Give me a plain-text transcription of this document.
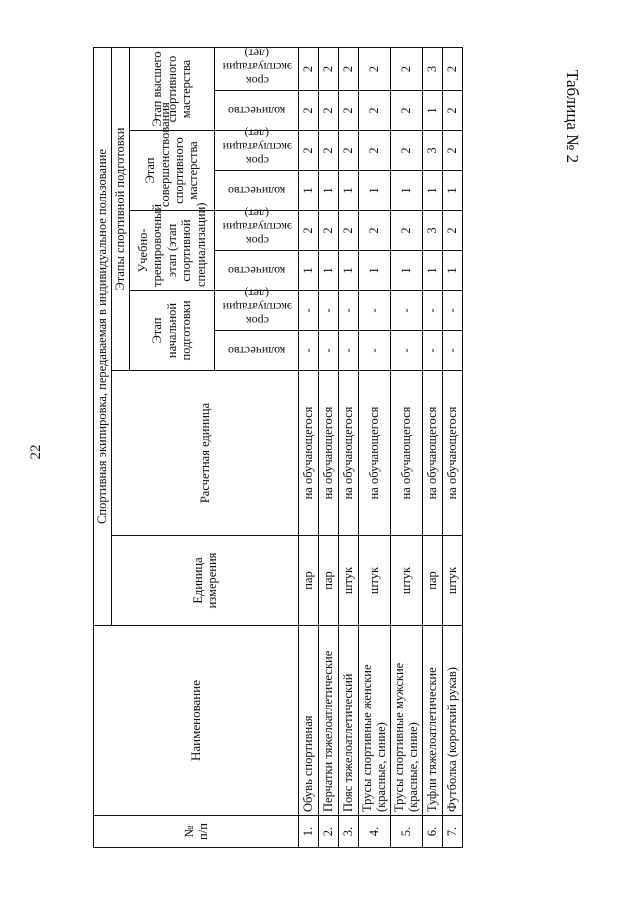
22
Таблица № 2
№ п/п	Наименование	Спортивная экипировка, передаваемая в индивидуальное пользование									
		Единица измерения	Расчетная единица	Этапы спортивной подготовки							
				Этап начальной подготовки		Учебно-тренировочный этап (этап спортивной специализации)		Этап совершенствования спортивного мастерства		Этап высшего спортивного мастерства	

				количество	срок эксплуатации (лет)	количество	срок эксплуатации (лет)	количество	срок эксплуатации (лет)	количество	срок эксплуатации (лет)

1.	Обувь спортивная	пар	на обучающегося	-	-	1	2	1	2	2	2
2.	Перчатки тяжелоатлетические	пар	на обучающегося	-	-	1	2	1	2	2	2
3.	Пояс тяжелоатлетический	штук	на обучающегося	-	-	1	2	1	2	2	2
4.	Трусы спортивные женские (красные, синие)	штук	на обучающегося	-	-	1	2	1	2	2	2
5.	Трусы спортивные мужские (красные, синие)	штук	на обучающегося	-	-	1	2	1	2	2	2
6.	Туфли тяжелоатлетические	пар	на обучающегося	-	-	1	3	1	3	1	3
7.	Футболка (короткий рукав)	штук	на обучающегося	-	-	1	2	1	2	2	2
